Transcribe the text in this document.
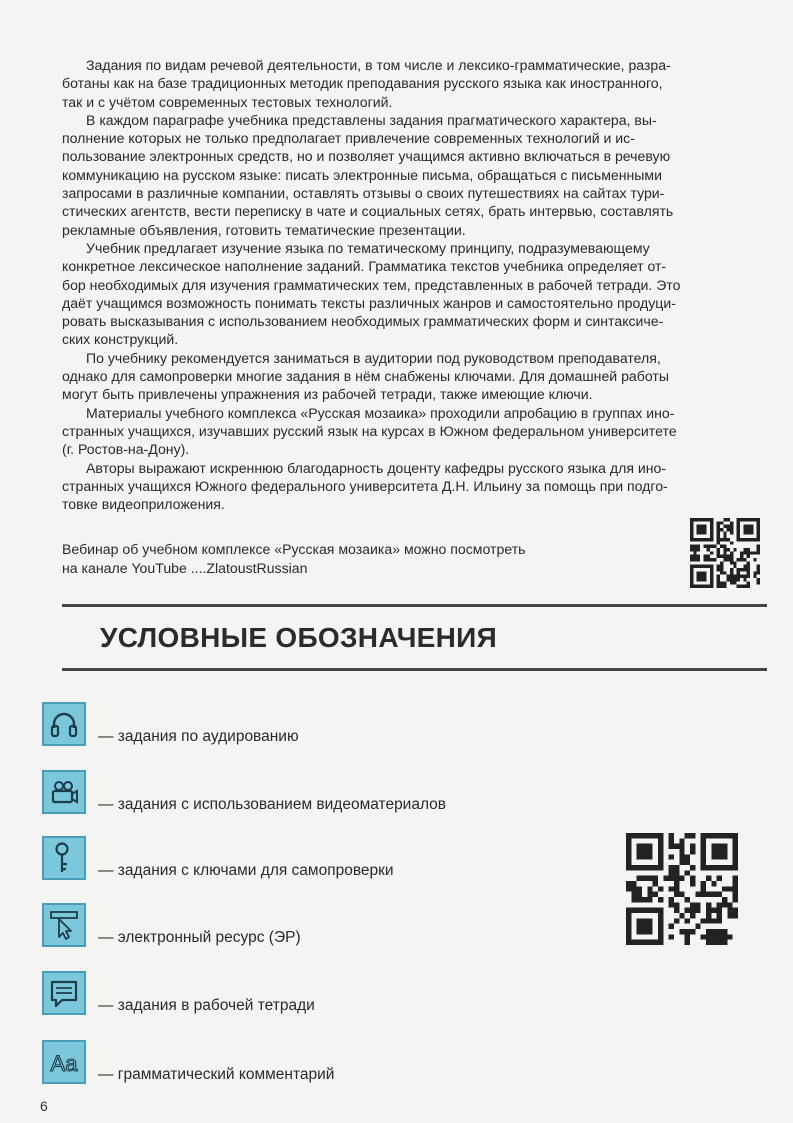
Задания по видам речевой деятельности, в том числе и лексико-грамматические, разра-
ботаны как на базе традиционных методик преподавания русского языка как иностранного,
так и с учётом современных тестовых технологий.

В каждом параграфе учебника представлены задания прагматического характера, вы-
полнение которых не только предполагает привлечение современных технологий и ис-
пользование электронных средств, но и позволяет учащимся активно включаться в речевую
коммуникацию на русском языке: писать электронные письма, обращаться с письменными
запросами в различные компании, оставлять отзывы о своих путешествиях на сайтах тури-
стических агентств, вести переписку в чате и социальных сетях, брать интервью, составлять
рекламные объявления, готовить тематические презентации.

Учебник предлагает изучение языка по тематическому принципу, подразумевающему
конкретное лексическое наполнение заданий. Грамматика текстов учебника определяет от-
бор необходимых для изучения грамматических тем, представленных в рабочей тетради. Это
даёт учащимся возможность понимать тексты различных жанров и самостоятельно продуци-
ровать высказывания с использованием необходимых грамматических форм и синтаксиче-
ских конструкций.

По учебнику рекомендуется заниматься в аудитории под руководством преподавателя,
однако для самопроверки многие задания в нём снабжены ключами. Для домашней работы
могут быть привлечены упражнения из рабочей тетради, также имеющие ключи.

Материалы учебного комплекса «Русская мозаика» проходили апробацию в группах ино-
странных учащихся, изучавших русский язык на курсах в Южном федеральном университете
(г. Ростов-на-Дону).

Авторы выражают искреннюю благодарность доценту кафедры русского языка для ино-
странных учащихся Южного федерального университета Д.Н. Ильину за помощь при подго-
товке видеоприложения.

Вебинар об учебном комплексе «Русская мозаика» можно посмотреть
на канале YouTube ....ZlatoustRussian
УСЛОВНЫЕ ОБОЗНАЧЕНИЯ
— задания по аудированию
— задания с использованием видеоматериалов
— задания с ключами для самопроверки
— электронный ресурс (ЭР)
— задания в рабочей тетради
Aa — грамматический комментарий
6
